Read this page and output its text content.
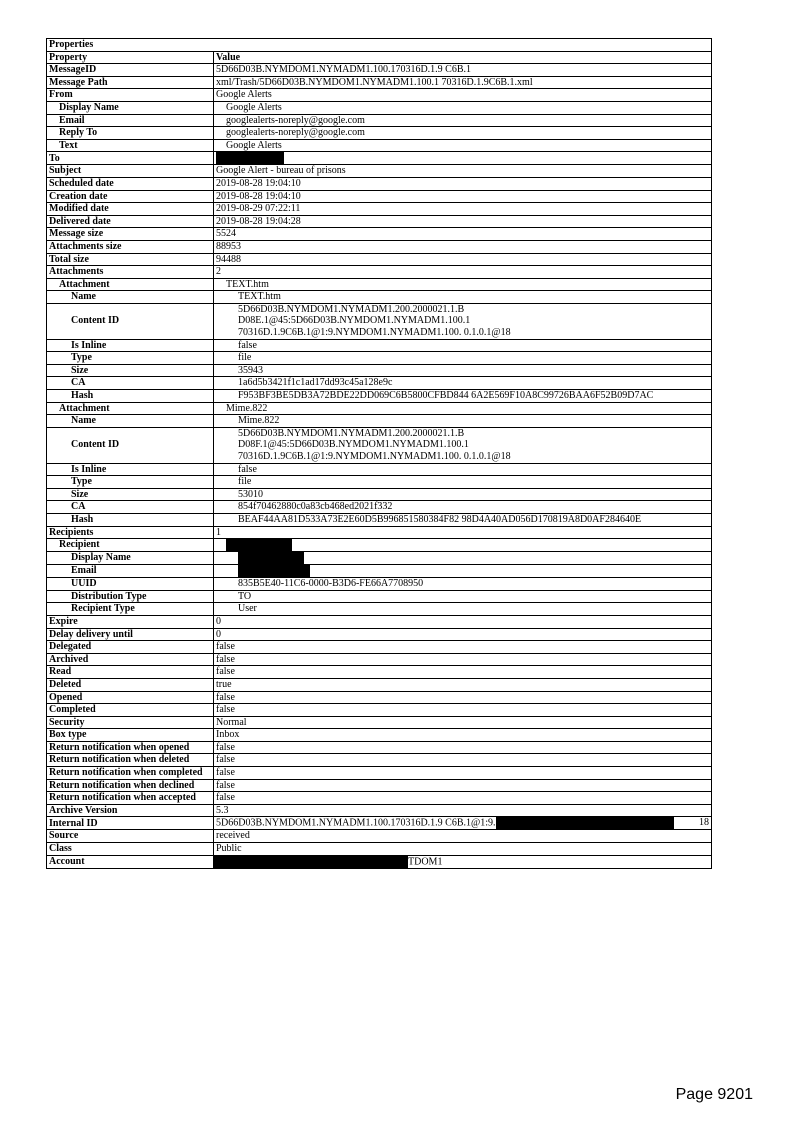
Properties	
Property	Value
MessageID	5D66D03B.NYMDOM1.NYMADM1.100.170316D.1.9 C6B.1
Message Path	xml/Trash/5D66D03B.NYMDOM1.NYMADM1.100.1 70316D.1.9C6B.1.xml
From	Google Alerts
Display Name	Google Alerts
Email	googlealerts-noreply@google.com
Reply To	googlealerts-noreply@google.com
Text	Google Alerts
To	
Subject	Google Alert - bureau of prisons
Scheduled date	2019-08-28 19:04:10
Creation date	2019-08-28 19:04:10
Modified date	2019-08-29 07:22:11
Delivered date	2019-08-28 19:04:28
Message size	5524
Attachments size	88953
Total size	94488
Attachments	2
Attachment	TEXT.htm
Name	TEXT.htm
Content ID	5D66D03B.NYMDOM1.NYMADM1.200.2000021.1.B
D08E.1@45:5D66D03B.NYMDOM1.NYMADM1.100.1
70316D.1.9C6B.1@1:9.NYMDOM1.NYMADM1.100. 0.1.0.1@18

Is Inline	false
Type	file
Size	35943
CA	1a6d5b3421f1c1ad17dd93c45a128e9c
Hash	F953BF3BE5DB3A72BDE22DD069C6B5800CFBD844 6A2E569F10A8C99726BAA6F52B09D7AC
Attachment	Mime.822
Name	Mime.822
Content ID	5D66D03B.NYMDOM1.NYMADM1.200.2000021.1.B
D08F.1@45:5D66D03B.NYMDOM1.NYMADM1.100.1
70316D.1.9C6B.1@1:9.NYMDOM1.NYMADM1.100. 0.1.0.1@18

Is Inline	false
Type	file
Size	53010
CA	854f70462880c0a83cb468ed2021f332
Hash	BEAF44AA81D533A73E2E60D5B996851580384F82 98D4A40AD056D170819A8D0AF284640E
Recipients	1
Recipient	
Display Name	
Email	
UUID	835B5E40-11C6-0000-B3D6-FE66A7708950
Distribution Type	TO
Recipient Type	User
Expire	0
Delay delivery until	0
Delegated	false
Archived	false
Read	false
Deleted	true
Opened	false
Completed	false
Security	Normal
Box type	Inbox
Return notification when opened	false
Return notification when deleted	false
Return notification when completed	false
Return notification when declined	false
Return notification when accepted	false
Archive Version	5.3
Internal ID	5D66D03B.NYMDOM1.NYMADM1.100.170316D.1.9 C6B.1@1:9. 18

Source	received
Class	Public
Account	TDOM1
Page 9201
